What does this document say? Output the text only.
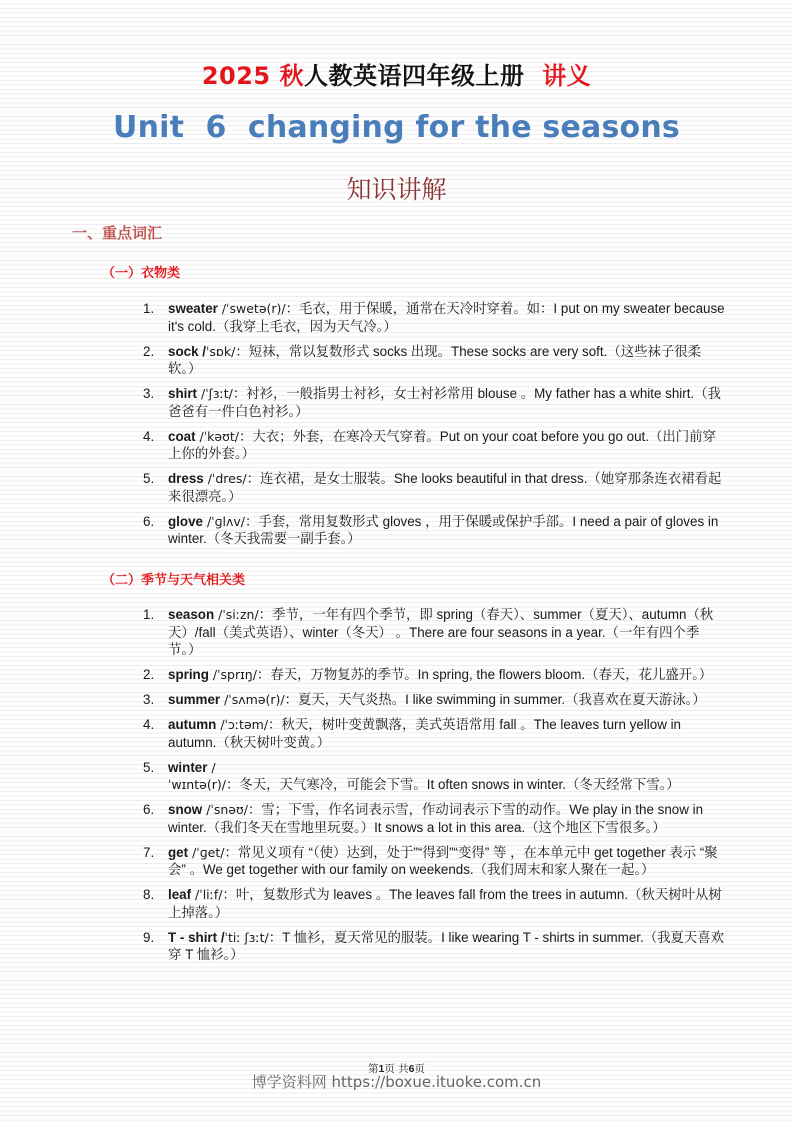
2025 秋人教英语四年级上册 讲义
Unit  6  changing for the seasons
知识讲解
一、重点词汇
（一）衣物类
1.	sweater /ˈswetə(r)/：毛衣，用于保暖，通常在天冷时穿着。如：I put on my sweater because it's cold.（我穿上毛衣，因为天气冷。）
2.	sock /ˈsɒk/：短袜，常以复数形式 socks 出现。These socks are very soft.（这些袜子很柔软。）
3.	shirt /ˈʃɜːt/：衬衫，一般指男士衬衫，女士衬衫常用 blouse 。My father has a white shirt.（我爸爸有一件白色衬衫。）
4.	coat /ˈkəʊt/：大衣；外套，在寒冷天气穿着。Put on your coat before you go out.（出门前穿上你的外套。）
5.	dress /ˈdres/：连衣裙，是女士服装。She looks beautiful in that dress.（她穿那条连衣裙看起来很漂亮。）
6.	glove /ˈɡlʌv/：手套，常用复数形式 gloves ，用于保暖或保护手部。I need a pair of gloves in winter.（冬天我需要一副手套。）
（二）季节与天气相关类
1.	season /ˈsiːzn/：季节，一年有四个季节，即 spring（春天）、summer（夏天）、autumn（秋天）/fall（美式英语）、winter（冬天） 。There are four seasons in a year.（一年有四个季节。）
2.	spring /ˈsprɪŋ/：春天，万物复苏的季节。In spring, the flowers bloom.（春天，花儿盛开。）
3.	summer /ˈsʌmə(r)/：夏天，天气炎热。I like swimming in summer.（我喜欢在夏天游泳。）
4.	autumn /ˈɔːtəm/：秋天，树叶变黄飘落，美式英语常用 fall 。The leaves turn yellow in autumn.（秋天树叶变黄。）
5.	winter /ˈwɪntə(r)/：冬天，天气寒冷，可能会下雪。It often snows in winter.（冬天经常下雪。）
6.	snow /ˈsnəʊ/：雪；下雪，作名词表示雪，作动词表示下雪的动作。We play in the snow in winter.（我们冬天在雪地里玩耍。）It snows a lot in this area.（这个地区下雪很多。）
7.	get /ˈɡet/：常见义项有 “（使）达到，处于”“得到”“变得” 等 ，在本单元中 get together 表示 “聚会” 。We get together with our family on weekends.（我们周末和家人聚在一起。）
8.	leaf /ˈliːf/：叶，复数形式为 leaves 。The leaves fall from the trees in autumn.（秋天树叶从树上掉落。）
9.	T - shirt /ˈtiː ʃɜːt/：T 恤衫，夏天常见的服装。I like wearing T - shirts in summer.（我夏天喜欢穿 T 恤衫。）
第1页 共6页
博学资料网 https://boxue.ituoke.com.cn
